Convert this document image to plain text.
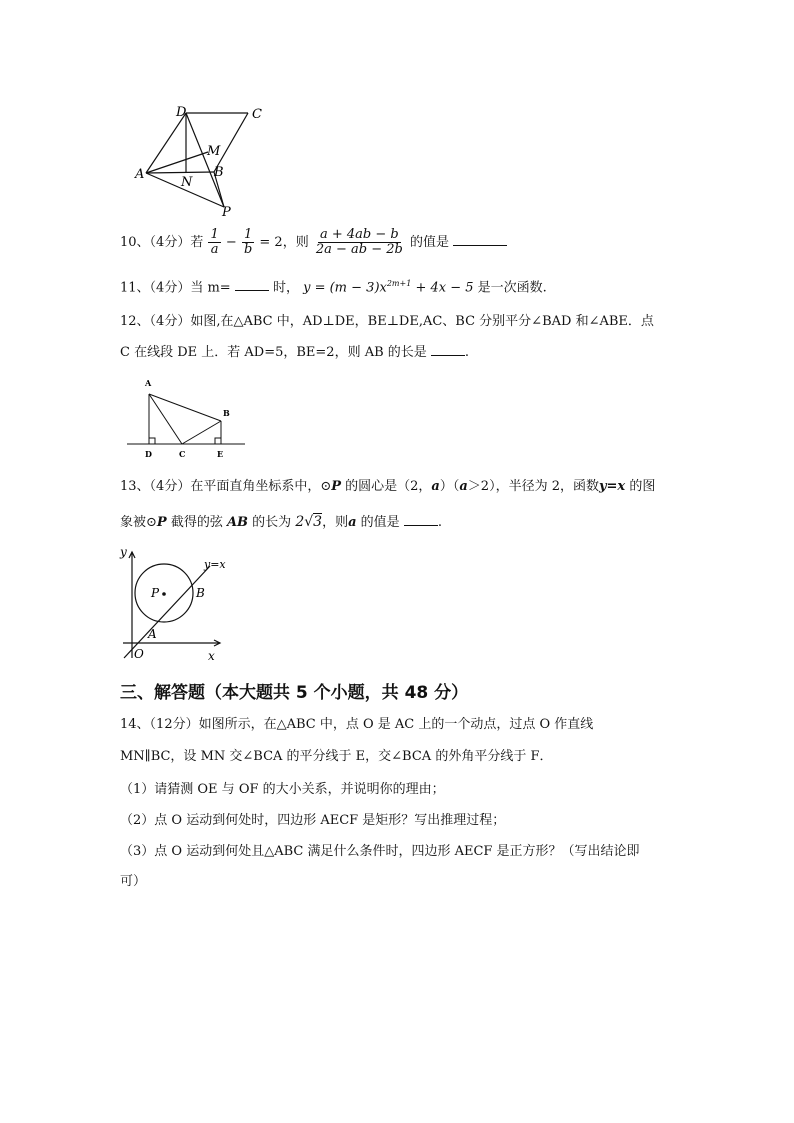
D	C
M
A
N
B
P
10、（4分）若 $\frac{1}{a} - \frac{1}{b} = 2$，则 $\frac{a + 4ab - b}{2a - ab - 2b}$ 的值是
11、（4分）当 m=	时， $y = (m - 3)x^{2m+1} + 4x - 5$ 是一次函数.
12、（4分）如图,在△ABC 中，AD⊥DE，BE⊥DE,AC、BC 分别平分∠BAD 和∠ABE．点
C 在线段 DE 上．若 AD=5，BE=2，则 AB 的长是	.
A
B
D	C	E
13、（4分）在平面直角坐标系中，⊙P 的圆心是（2，a）（a＞2），半径为 2，函数y=x 的图
象被⊙P 截得的弦 AB 的长为 2√3，则a 的值是	.
y
y=x
P	B
A
O	x
三、解答题（本大题共 5 个小题，共 48 分）
14、（12分）如图所示，在△ABC 中，点 O 是 AC 上的一个动点，过点 O 作直线
MN∥BC，设 MN 交∠BCA 的平分线于 E，交∠BCA 的外角平分线于 F．
（1）请猜测 OE 与 OF 的大小关系，并说明你的理由；
（2）点 O 运动到何处时，四边形 AECF 是矩形？写出推理过程；
（3）点 O 运动到何处且△ABC 满足什么条件时，四边形 AECF 是正方形？（写出结论即
可）
